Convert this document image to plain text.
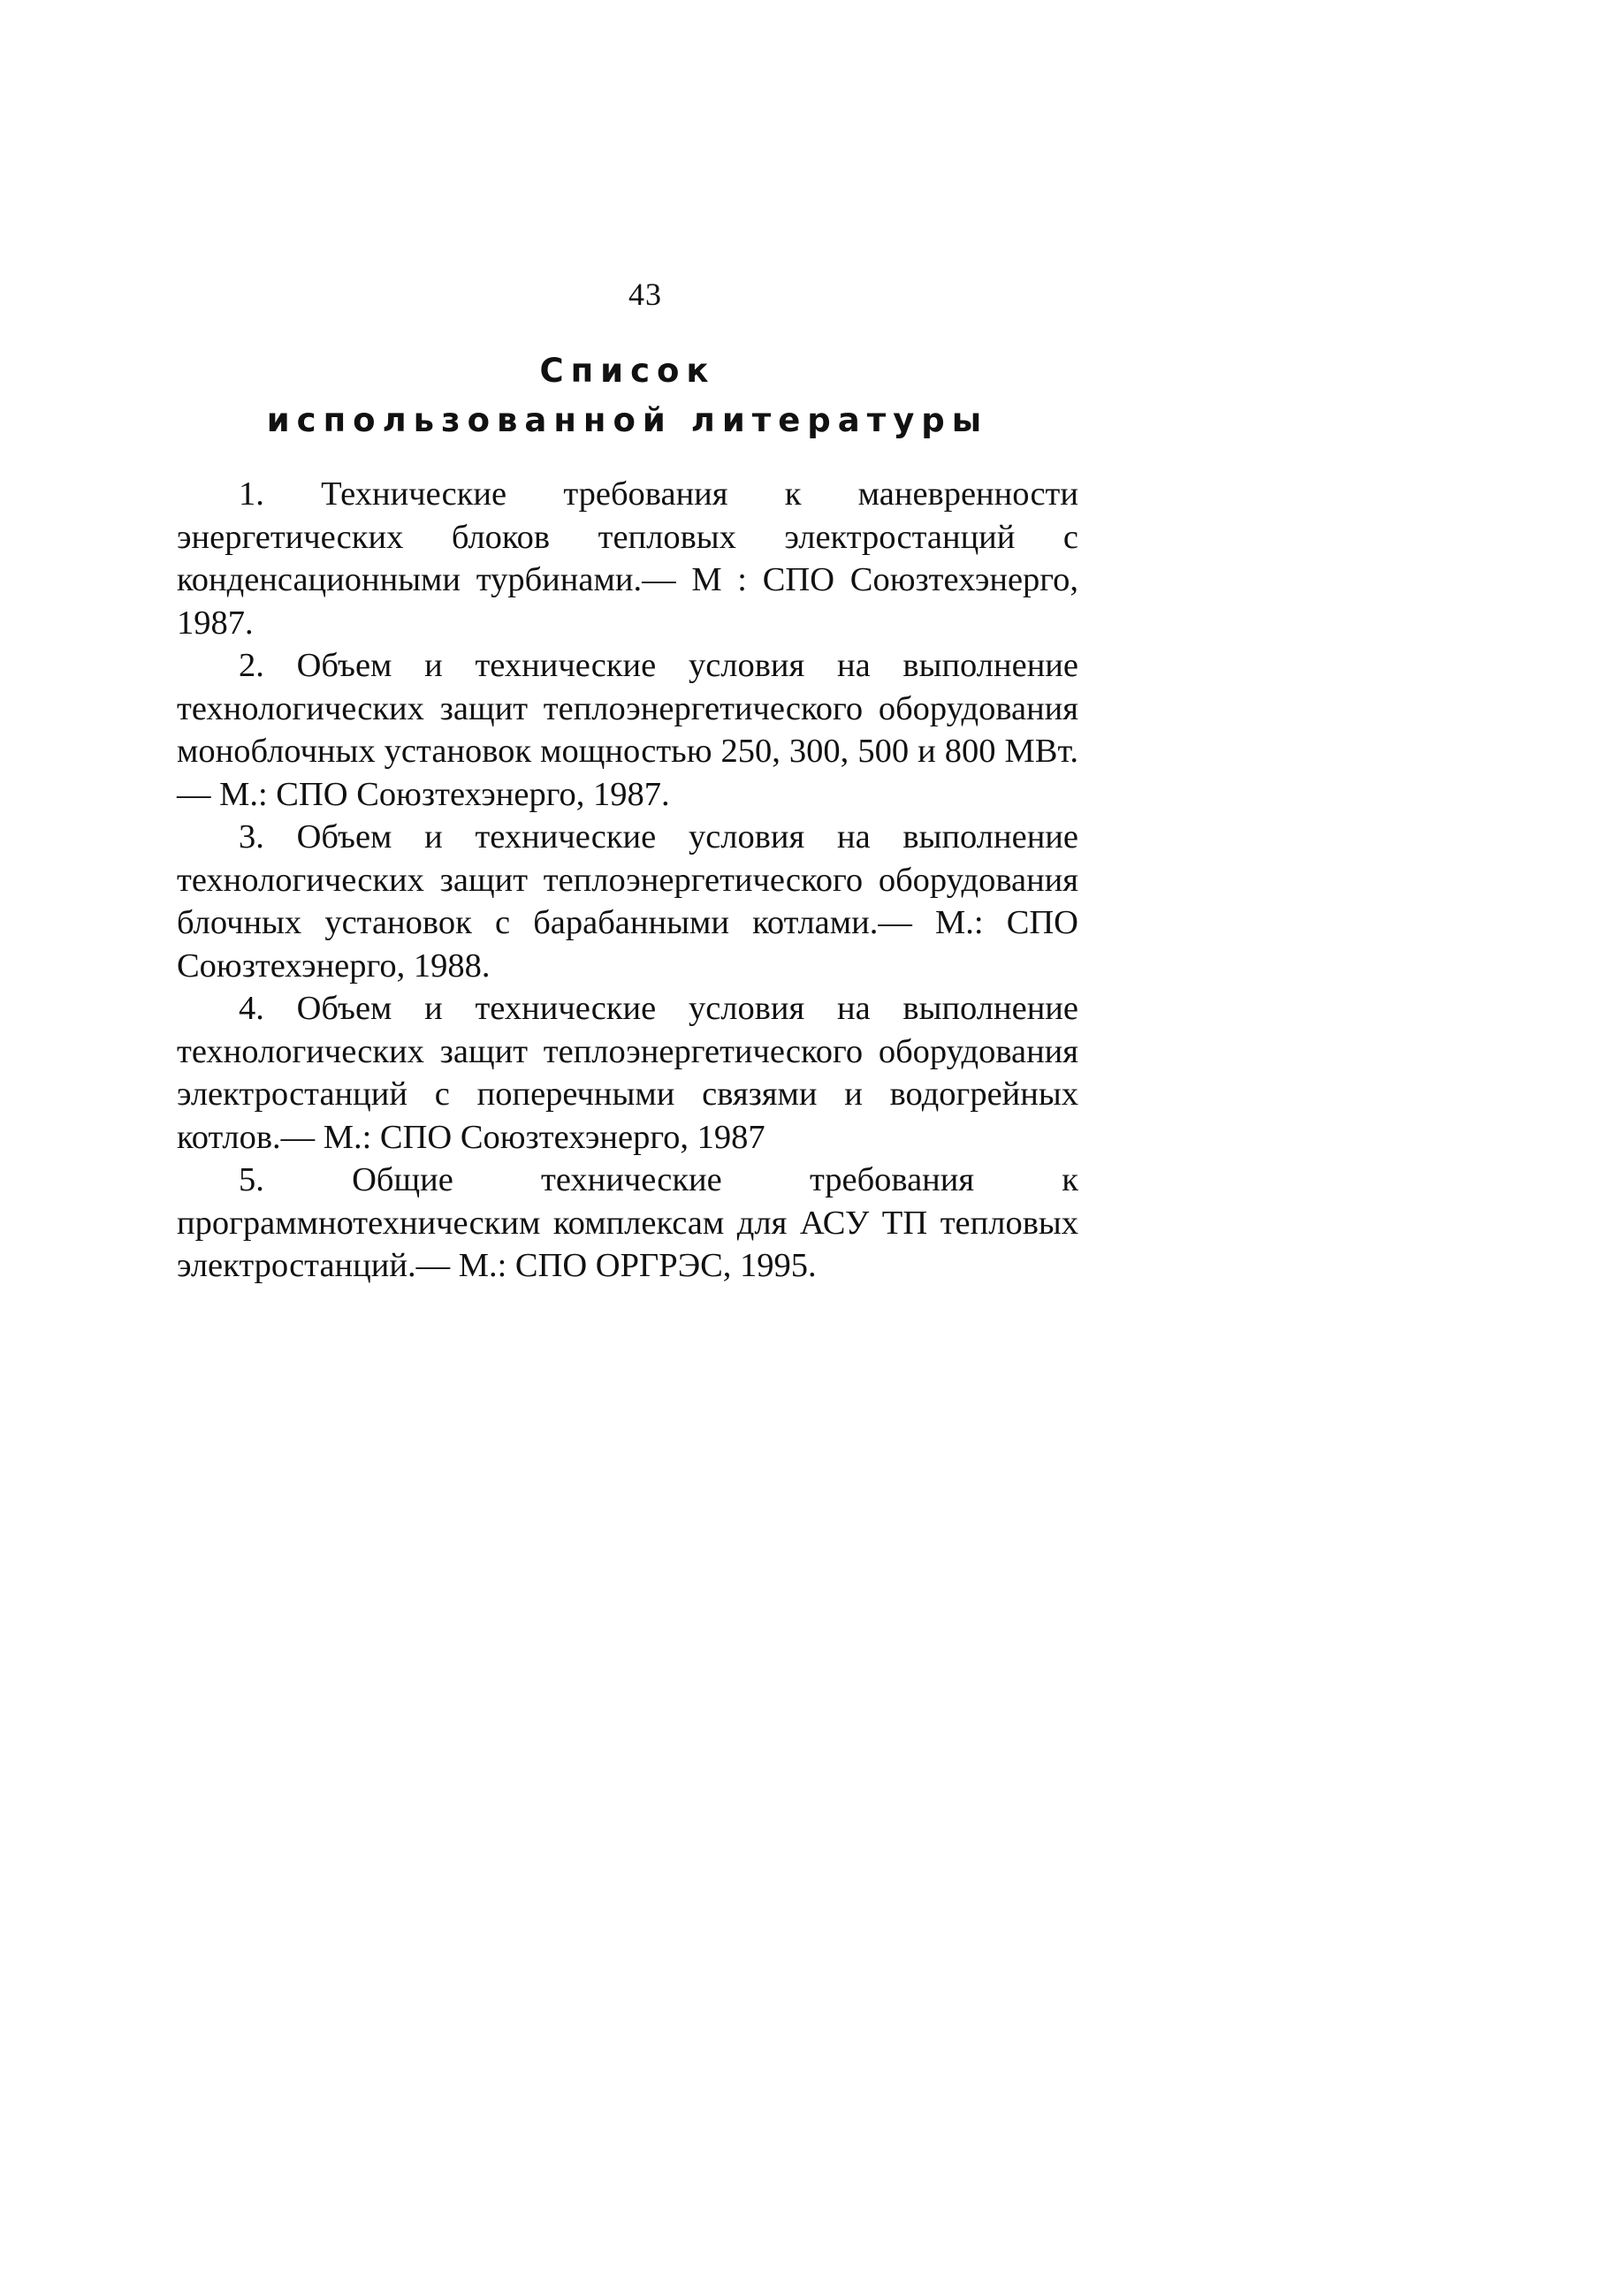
43
Список
использованной литературы
1. Технические требования к маневренности энергетических блоков тепловых электростанций с конденсационными турбинами.— М : СПО Союзтехэнерго, 1987.
2. Объем и технические условия на выполнение технологических защит теплоэнергетического оборудования моноблочных установок мощностью 250, 300, 500 и 800 МВт.— М.: СПО Союзтехэнерго, 1987.
3. Объем и технические условия на выполнение технологических защит теплоэнергетического оборудования блочных установок с барабанными котлами.— М.: СПО Союзтехэнерго, 1988.
4. Объем и технические условия на выполнение технологических защит теплоэнергетического оборудования электростанций с поперечными связями и водогрейных котлов.— М.: СПО Союзтехэнерго, 1987
5. Общие технические требования к программнотехническим комплексам для АСУ ТП тепловых электростанций.— М.: СПО ОРГРЭС, 1995.
